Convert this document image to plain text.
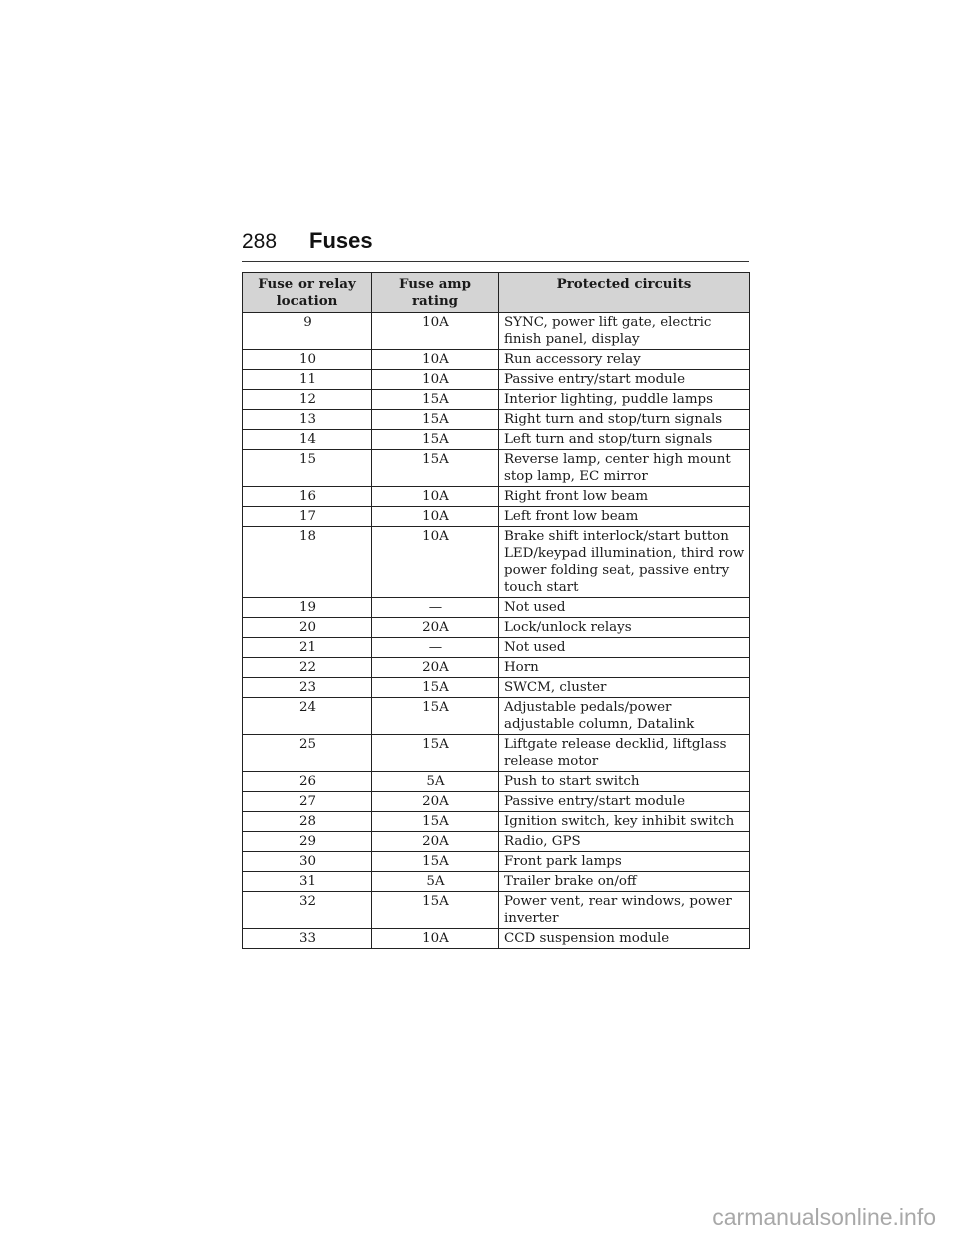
288 Fuses
Fuse or relay location	Fuse amp rating	Protected circuits
9	10A	SYNC, power lift gate, electric finish panel, display
10	10A	Run accessory relay
11	10A	Passive entry/start module
12	15A	Interior lighting, puddle lamps
13	15A	Right turn and stop/turn signals
14	15A	Left turn and stop/turn signals
15	15A	Reverse lamp, center high mount stop lamp, EC mirror
16	10A	Right front low beam
17	10A	Left front low beam
18	10A	Brake shift interlock/start button LED/keypad illumination, third row power folding seat, passive entry touch start
19	—	Not used
20	20A	Lock/unlock relays
21	—	Not used
22	20A	Horn
23	15A	SWCM, cluster
24	15A	Adjustable pedals/power adjustable column, Datalink
25	15A	Liftgate release decklid, liftglass release motor
26	5A	Push to start switch
27	20A	Passive entry/start module
28	15A	Ignition switch, key inhibit switch
29	20A	Radio, GPS
30	15A	Front park lamps
31	5A	Trailer brake on/off
32	15A	Power vent, rear windows, power inverter
33	10A	CCD suspension module
carmanualsonline.info
